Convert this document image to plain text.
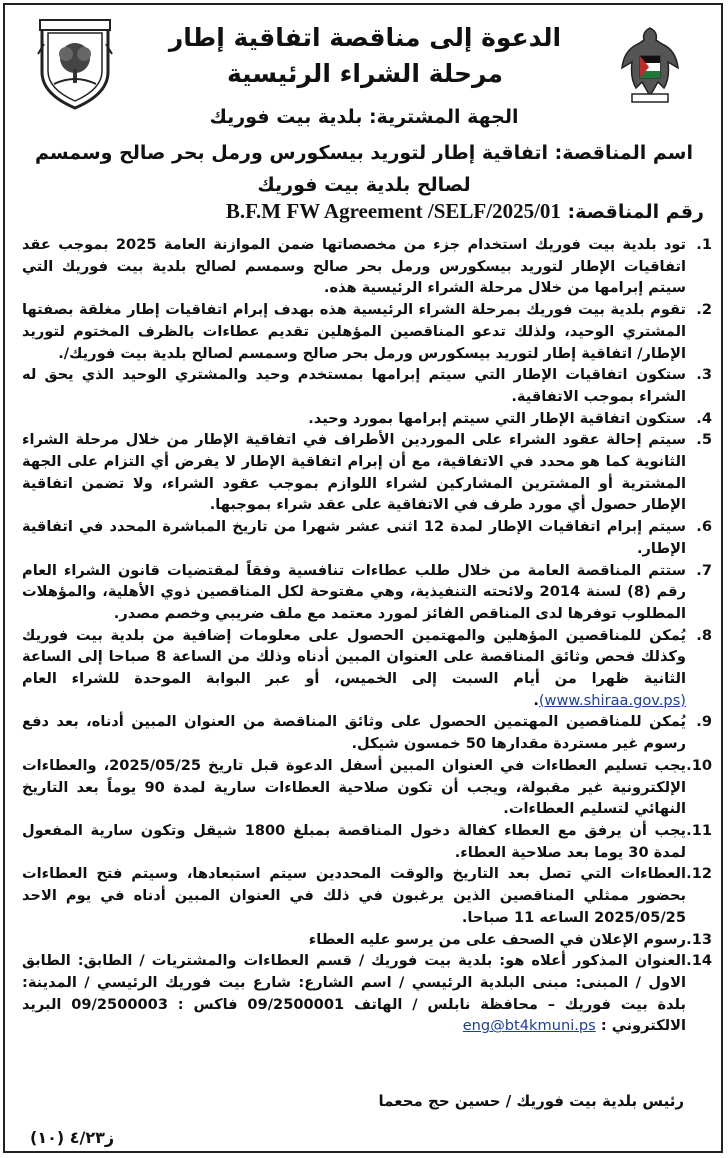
الدعوة إلى مناقصة اتفاقية إطار
مرحلة الشراء الرئيسية
الجهة المشترية: بلدية بيت فوريك
اسم المناقصة: اتفاقية إطار لتوريد بيسكورس ورمل بحر صالح وسمسم
لصالح بلدية بيت فوريك
رقم المناقصة: B.F.M FW Agreement /SELF/2025/01
1.
تود بلدية بيت فوريك استخدام جزء من مخصصاتها ضمن الموازنة العامة 2025 بموجب عقد اتفاقيات الإطار لتوريد بيسكورس ورمل بحر صالح وسمسم لصالح بلدية بيت فوريك التي سيتم إبرامها من خلال مرحلة الشراء الرئيسية هذه.
2.
تقوم بلدية بيت فوريك بمرحلة الشراء الرئيسية هذه بهدف إبرام اتفاقيات إطار مغلقة بصفتها المشتري الوحيد، ولذلك تدعو المناقصين المؤهلين تقديم عطاءات بالظرف المختوم لتوريد الإطار/ اتفاقية إطار لتوريد بيسكورس ورمل بحر صالح وسمسم لصالح بلدية بيت فوريك/.
3.
ستكون اتفاقيات الإطار التي سيتم إبرامها بمستخدم وحيد والمشتري الوحيد الذي يحق له الشراء بموجب الاتفاقية.
4.
ستكون اتفاقية الإطار التي سيتم إبرامها بمورد وحيد.
5.
سيتم إحالة عقود الشراء على الموردين الأطراف في اتفاقية الإطار من خلال مرحلة الشراء الثانوية كما هو محدد في الاتفاقية، مع أن إبرام اتفاقية الإطار لا يفرض أي التزام على الجهة المشترية أو المشترين المشاركين لشراء اللوازم بموجب عقود الشراء، ولا تضمن اتفاقية الإطار حصول أي مورد طرف في الاتفاقية على عقد شراء بموجبها.
6.
سيتم إبرام اتفاقيات الإطار لمدة 12 اثنى عشر شهرا من تاريخ المباشرة المحدد في اتفاقية الإطار.
7.
ستتم المناقصة العامة من خلال طلب عطاءات تنافسية وفقاً لمقتضيات قانون الشراء العام رقم (8) لسنة 2014 ولائحته التنفيذية، وهي مفتوحة لكل المناقصين ذوي الأهلية، والمؤهلات المطلوب توفرها لدى المناقص الفائز لمورد معتمد مع ملف ضريبي وخصم مصدر.
8.
يُمكن للمناقصين المؤهلين والمهتمين الحصول على معلومات إضافية من بلدية بيت فوريك وكذلك فحص وثائق المناقصة على العنوان المبين أدناه وذلك من الساعة 8 صباحا إلى الساعة الثانية ظهرا من أيام السبت إلى الخميس، أو عبر البوابة الموحدة للشراء العام (www.shiraa.gov.ps).
9.
يُمكن للمناقصين المهتمين الحصول على وثائق المناقصة من العنوان المبين أدناه، بعد دفع رسوم غير مستردة مقدارها 50 خمسون شيكل.
10.
يجب تسليم العطاءات في العنوان المبين أسفل الدعوة قبل تاريخ 2025/05/25، والعطاءات الإلكترونية غير مقبولة، ويجب أن تكون صلاحية العطاءات سارية لمدة 90 يوماً بعد التاريخ النهائي لتسليم العطاءات.
11.
يجب أن يرفق مع العطاء كفالة دخول المناقصة بمبلغ 1800 شيقل وتكون سارية المفعول لمدة 30 يوما بعد صلاحية العطاء.
12.
العطاءات التي تصل بعد التاريخ والوقت المحددين سيتم استبعادها، وسيتم فتح العطاءات بحضور ممثلي المناقصين الذين يرغبون في ذلك في العنوان المبين أدناه في يوم الاحد 2025/05/25 الساعه 11 صباحا.
13.
رسوم الإعلان في الصحف على من يرسو عليه العطاء
14.
العنوان المذكور أعلاه هو: بلدية بيت فوريك / قسم العطاءات والمشتريات / الطابق: الطابق الاول / المبنى: مبنى البلدية الرئيسي / اسم الشارع: شارع بيت فوريك الرئيسي / المدينة: بلدة بيت فوريك – محافظة نابلس / الهاتف 09/2500001 فاكس : 09/2500003 البريد الالكتروني : eng@bt4kmuni.ps
رئيس بلدية بيت فوريك / حسين حج محعما
ز٤/٢٣ (١٠)
